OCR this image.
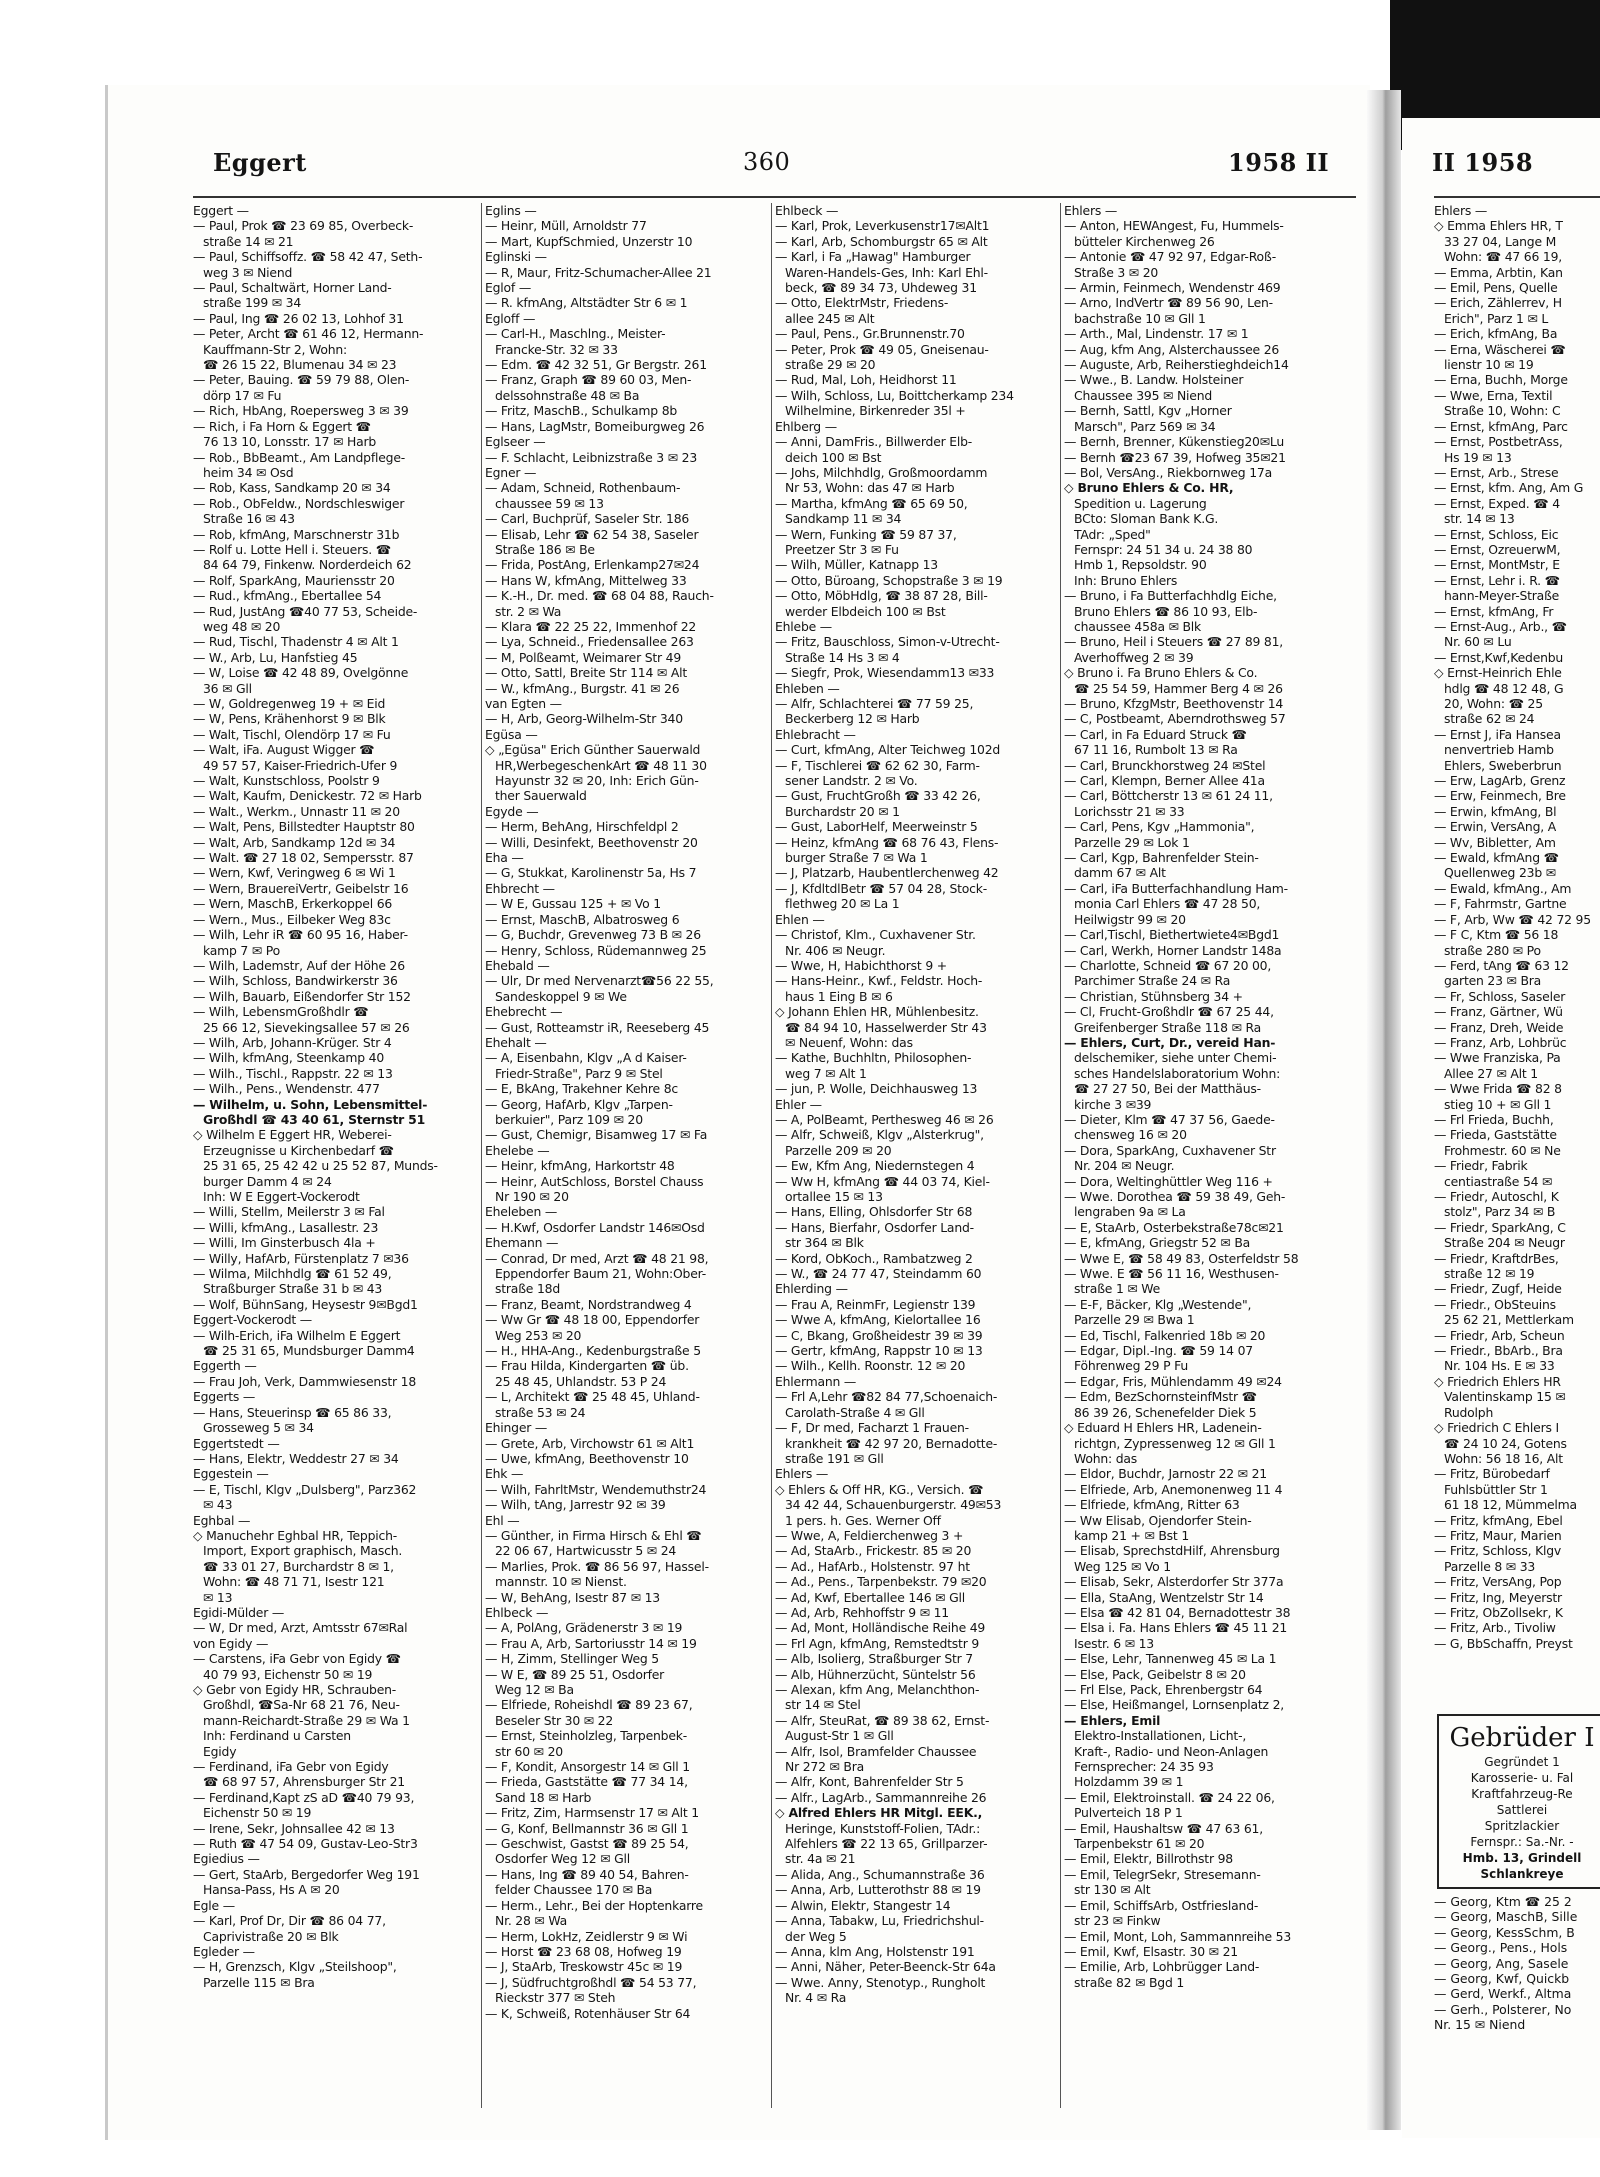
Eggert	360	1958 II	II 1958
Eggert —
— Paul, Prok ☎ 23 69 85, Overbeck-
straße 14 ✉ 21
— Paul, Schiffsoffz. ☎ 58 42 47, Seth-
weg 3 ✉ Niend
— Paul, Schaltwärt, Horner Land-
straße 199 ✉ 34
— Paul, Ing ☎ 26 02 13, Lohhof 31
— Peter, Archt ☎ 61 46 12, Hermann-
Kauffmann-Str 2, Wohn:
☎ 26 15 22, Blumenau 34 ✉ 23
— Peter, Bauing. ☎ 59 79 88, Olen-
dörp 17 ✉ Fu
— Rich, HbAng, Roepersweg 3 ✉ 39
— Rich, i Fa Horn & Eggert ☎
76 13 10, Lonsstr. 17 ✉ Harb
— Rob., BbBeamt., Am Landpflege-
heim 34 ✉ Osd
— Rob, Kass, Sandkamp 20 ✉ 34
— Rob., ObFeldw., Nordschleswiger
Straße 16 ✉ 43
— Rob, kfmAng, Marschnerstr 31b
— Rolf u. Lotte Hell i. Steuers. ☎
84 64 79, Finkenw. Norderdeich 62
— Rolf, SparkAng, Mauriensstr 20
— Rud., kfmAng., Ebertallee 54
— Rud, JustAng ☎40 77 53, Scheide-
weg 48 ✉ 20
— Rud, Tischl, Thadenstr 4 ✉ Alt 1
— W., Arb, Lu, Hanfstieg 45
— W, Loise ☎ 42 48 89, Ovelgönne
36 ✉ Gll
— W, Goldregenweg 19 + ✉ Eid
— W, Pens, Krähenhorst 9 ✉ Blk
— Walt, Tischl, Olendörp 17 ✉ Fu
— Walt, iFa. August Wigger ☎
49 57 57, Kaiser-Friedrich-Ufer 9
— Walt, Kunstschloss, Poolstr 9
— Walt, Kaufm, Denickestr. 72 ✉ Harb
— Walt., Werkm., Unnastr 11 ✉ 20
— Walt, Pens, Billstedter Hauptstr 80
— Walt, Arb, Sandkamp 12d ✉ 34
— Walt. ☎ 27 18 02, Sempersstr. 87
— Wern, Kwf, Veringweg 6 ✉ Wi 1
— Wern, BrauereiVertr, Geibelstr 16
— Wern, MaschB, Erkerkoppel 66
— Wern., Mus., Eilbeker Weg 83c
— Wilh, Lehr iR ☎ 60 95 16, Haber-
kamp 7 ✉ Po
— Wilh, Lademstr, Auf der Höhe 26
— Wilh, Schloss, Bandwirkerstr 36
— Wilh, Bauarb, Eißendorfer Str 152
— Wilh, LebensmGroßhdlr ☎
25 66 12, Sievekingsallee 57 ✉ 26
— Wilh, Arb, Johann-Krüger. Str 4
— Wilh, kfmAng, Steenkamp 40
— Wilh., Tischl., Rappstr. 22 ✉ 13
— Wilh., Pens., Wendenstr. 477
— Wilhelm, u. Sohn, Lebensmittel-
Großhdl ☎ 43 40 61, Sternstr 51
◇ Wilhelm E Eggert HR, Weberei-
Erzeugnisse u Kirchenbedarf ☎
25 31 65, 25 42 42 u 25 52 87, Munds-
burger Damm 4 ✉ 24
Inh: W E Eggert-Vockerodt
— Willi, Stellm, Meilerstr 3 ✉ Fal
— Willi, kfmAng., Lasallestr. 23
— Willi, Im Ginsterbusch 4la +
— Willy, HafArb, Fürstenplatz 7 ✉36
— Wilma, Milchhdlg ☎ 61 52 49,
Straßburger Straße 31 b ✉ 43
— Wolf, BühnSang, Heysestr 9✉Bgd1
Eggert-Vockerodt —
— Wilh-Erich, iFa Wilhelm E Eggert
☎ 25 31 65, Mundsburger Damm4
Eggerth —
— Frau Joh, Verk, Dammwiesenstr 18
Eggerts —
— Hans, Steuerinsp ☎ 65 86 33,
Grosseweg 5 ✉ 34
Eggertstedt —
— Hans, Elektr, Weddestr 27 ✉ 34
Eggestein —
— E, Tischl, Klgv „Dulsberg", Parz362
✉ 43
Eghbal —
◇ Manuchehr Eghbal HR, Teppich-
Import, Export graphisch, Masch.
☎ 33 01 27, Burchardstr 8 ✉ 1,
Wohn: ☎ 48 71 71, Isestr 121
✉ 13
Egidi-Mülder —
— W, Dr med, Arzt, Amtsstr 67✉Ral
von Egidy —
— Carstens, iFa Gebr von Egidy ☎
40 79 93, Eichenstr 50 ✉ 19
◇ Gebr von Egidy HR, Schrauben-
Großhdl, ☎Sa-Nr 68 21 76, Neu-
mann-Reichardt-Straße 29 ✉ Wa 1
Inh: Ferdinand u Carsten
Egidy
— Ferdinand, iFa Gebr von Egidy
☎ 68 97 57, Ahrensburger Str 21
— Ferdinand,Kapt zS aD ☎40 79 93,
Eichenstr 50 ✉ 19
— Irene, Sekr, Johnsallee 42 ✉ 13
— Ruth ☎ 47 54 09, Gustav-Leo-Str3
Egiedius —
— Gert, StaArb, Bergedorfer Weg 191
Hansa-Pass, Hs A ✉ 20
Egle —
— Karl, Prof Dr, Dir ☎ 86 04 77,
Caprivistraße 20 ✉ Blk
Egleder —
— H, Grenzsch, Klgv „Steilshoop",
Parzelle 115 ✉ Bra
Eglins —
— Heinr, Müll, Arnoldstr 77
— Mart, KupfSchmied, Unzerstr 10
Eglinski —
— R, Maur, Fritz-Schumacher-Allee 21
Eglof —
— R. kfmAng, Altstädter Str 6 ✉ 1
Egloff —
— Carl-H., Maschlng., Meister-
Francke-Str. 32 ✉ 33
— Edm. ☎ 42 32 51, Gr Bergstr. 261
— Franz, Graph ☎ 89 60 03, Men-
delssohnstraße 48 ✉ Ba
— Fritz, MaschB., Schulkamp 8b
— Hans, LagMstr, Bomeiburgweg 26
Eglseer —
— F. Schlacht, Leibnizstraße 3 ✉ 23
Egner —
— Adam, Schneid, Rothenbaum-
chaussee 59 ✉ 13
— Carl, Buchprüf, Saseler Str. 186
— Elisab, Lehr ☎ 62 54 38, Saseler
Straße 186 ✉ Be
— Frida, PostAng, Erlenkamp27✉24
— Hans W, kfmAng, Mittelweg 33
— K.-H., Dr. med. ☎ 68 04 88, Rauch-
str. 2 ✉ Wa
— Klara ☎ 22 25 22, Immenhof 22
— Lya, Schneid., Friedensallee 263
— M, Polßeamt, Weimarer Str 49
— Otto, Sattl, Breite Str 114 ✉ Alt
— W., kfmAng., Burgstr. 41 ✉ 26
van Egten —
— H, Arb, Georg-Wilhelm-Str 340
Egüsa —
◇ „Egüsa" Erich Günther Sauerwald
HR,WerbegeschenkArt ☎ 48 11 30
Hayunstr 32 ✉ 20, Inh: Erich Gün-
ther Sauerwald
Egyde —
— Herm, BehAng, Hirschfeldpl 2
— Willi, Desinfekt, Beethovenstr 20
Eha —
— G, Stukkat, Karolinenstr 5a, Hs 7
Ehbrecht —
— W E, Gussau 125 + ✉ Vo 1
— Ernst, MaschB, Albatrosweg 6
— G, Buchdr, Grevenweg 73 B ✉ 26
— Henry, Schloss, Rüdemannweg 25
Ehebald —
— Ulr, Dr med Nervenarzt☎56 22 55,
Sandeskoppel 9 ✉ We
Ehebrecht —
— Gust, Rotteamstr iR, Reeseberg 45
Ehehalt —
— A, Eisenbahn, Klgv „A d Kaiser-
Friedr-Straße", Parz 9 ✉ Stel
— E, BkAng, Trakehner Kehre 8c
— Georg, HafArb, Klgv „Tarpen-
berkuier", Parz 109 ✉ 20
— Gust, Chemigr, Bisamweg 17 ✉ Fa
Ehelebe —
— Heinr, kfmAng, Harkortstr 48
— Heinr, AutSchloss, Borstel Chauss
Nr 190 ✉ 20
Eheleben —
— H.Kwf, Osdorfer Landstr 146✉Osd
Ehemann —
— Conrad, Dr med, Arzt ☎ 48 21 98,
Eppendorfer Baum 21, Wohn:Ober-
straße 18d
— Franz, Beamt, Nordstrandweg 4
— Ww Gr ☎ 48 18 00, Eppendorfer
Weg 253 ✉ 20
— H., HHA-Ang., Kedenburgstraße 5
— Frau Hilda, Kindergarten ☎ üb.
25 48 45, Uhlandstr. 53 P 24
— L, Architekt ☎ 25 48 45, Uhland-
straße 53 ✉ 24
Ehinger —
— Grete, Arb, Virchowstr 61 ✉ Alt1
— Uwe, kfmAng, Beethovenstr 10
Ehk —
— Wilh, FahrltMstr, Wendemuthstr24
— Wilh, tAng, Jarrestr 92 ✉ 39
Ehl —
— Günther, in Firma Hirsch & Ehl ☎
22 06 67, Hartwicusstr 5 ✉ 24
— Marlies, Prok. ☎ 86 56 97, Hassel-
mannstr. 10 ✉ Nienst.
— W, BehAng, Isestr 87 ✉ 13
Ehlbeck —
— A, PolAng, Grädenerstr 3 ✉ 19
— Frau A, Arb, Sartoriusstr 14 ✉ 19
— H, Zimm, Stellinger Weg 5
— W E, ☎ 89 25 51, Osdorfer
Weg 12 ✉ Ba
— Elfriede, Roheishdl ☎ 89 23 67,
Beseler Str 30 ✉ 22
— Ernst, Steinholzleg, Tarpenbek-
str 60 ✉ 20
— F, Kondit, Ansorgestr 14 ✉ Gll 1
— Frieda, Gaststätte ☎ 77 34 14,
Sand 18 ✉ Harb
— Fritz, Zim, Harmsenstr 17 ✉ Alt 1
— G, Konf, Bellmannstr 36 ✉ Gll 1
— Geschwist, Gastst ☎ 89 25 54,
Osdorfer Weg 12 ✉ Gll
— Hans, Ing ☎ 89 40 54, Bahren-
felder Chaussee 170 ✉ Ba
— Herm., Lehr., Bei der Hoptenkarre
Nr. 28 ✉ Wa
— Herm, LokHz, Zeidlerstr 9 ✉ Wi
— Horst ☎ 23 68 08, Hofweg 19
— J, StaArb, Treskowstr 45c ✉ 19
— J, Südfruchtgroßhdl ☎ 54 53 77,
Rieckstr 377 ✉ Steh
— K, Schweiß, Rotenhäuser Str 64
Ehlbeck —
— Karl, Prok, Leverkusenstr17✉Alt1
— Karl, Arb, Schomburgstr 65 ✉ Alt
— Karl, i Fa „Hawag" Hamburger
Waren-Handels-Ges, Inh: Karl Ehl-
beck, ☎ 89 34 73, Uhdeweg 31
— Otto, ElektrMstr, Friedens-
allee 245 ✉ Alt
— Paul, Pens., Gr.Brunnenstr.70
— Peter, Prok ☎ 49 05, Gneisenau-
straße 29 ✉ 20
— Rud, Mal, Loh, Heidhorst 11
— Wilh, Schloss, Lu, Boittcherkamp 234
Wilhelmine, Birkenreder 35l +
Ehlberg —
— Anni, DamFris., Billwerder Elb-
deich 100 ✉ Bst
— Johs, Milchhdlg, Großmoordamm
Nr 53, Wohn: das 47 ✉ Harb
— Martha, kfmAng ☎ 65 69 50,
Sandkamp 11 ✉ 34
— Wern, Funking ☎ 59 87 37,
Preetzer Str 3 ✉ Fu
— Wilh, Müller, Katnapp 13
— Otto, Büroang, Schopstraße 3 ✉ 19
— Otto, MöbHdlg, ☎ 38 87 28, Bill-
werder Elbdeich 100 ✉ Bst
Ehlebe —
— Fritz, Bauschloss, Simon-v-Utrecht-
Straße 14 Hs 3 ✉ 4
— Siegfr, Prok, Wiesendamm13 ✉33
Ehleben —
— Alfr, Schlachterei ☎ 77 59 25,
Beckerberg 12 ✉ Harb
Ehlebracht —
— Curt, kfmAng, Alter Teichweg 102d
— F, Tischlerei ☎ 62 62 30, Farm-
sener Landstr. 2 ✉ Vo.
— Gust, FruchtGroßh ☎ 33 42 26,
Burchardstr 20 ✉ 1
— Gust, LaborHelf, Meerweinstr 5
— Heinz, kfmAng ☎ 68 76 43, Flens-
burger Straße 7 ✉ Wa 1
— J, Platzarb, Haubentlerchenweg 42
— J, KfdltdlBetr ☎ 57 04 28, Stock-
flethweg 20 ✉ La 1
Ehlen —
— Christof, Klm., Cuxhavener Str.
Nr. 406 ✉ Neugr.
— Wwe, H, Habichthorst 9 +
— Hans-Heinr., Kwf., Feldstr. Hoch-
haus 1 Eing B ✉ 6
◇ Johann Ehlen HR, Mühlenbesitz.
☎ 84 94 10, Hasselwerder Str 43
✉ Neuenf, Wohn: das
— Kathe, Buchhltn, Philosophen-
weg 7 ✉ Alt 1
— jun, P. Wolle, Deichhausweg 13
Ehler —
— A, PolBeamt, Perthesweg 46 ✉ 26
— Alfr, Schweiß, Klgv „Alsterkrug",
Parzelle 209 ✉ 20
— Ew, Kfm Ang, Niedernstegen 4
— Ww H, kfmAng ☎ 44 03 74, Kiel-
ortallee 15 ✉ 13
— Hans, Elling, Ohlsdorfer Str 68
— Hans, Bierfahr, Osdorfer Land-
str 364 ✉ Blk
— Kord, ObKoch., Rambatzweg 2
— W., ☎ 24 77 47, Steindamm 60
Ehlerding —
— Frau A, ReinmFr, Legienstr 139
— Wwe A, kfmAng, Kielortallee 16
— C, Bkang, Großheidestr 39 ✉ 39
— Gertr, kfmAng, Rappstr 10 ✉ 13
— Wilh., Kellh. Roonstr. 12 ✉ 20
Ehlermann —
— Frl A,Lehr ☎82 84 77,Schoenaich-
Carolath-Straße 4 ✉ Gll
— F, Dr med, Facharzt 1 Frauen-
krankheit ☎ 42 97 20, Bernadotte-
straße 191 ✉ Gll
Ehlers —
◇ Ehlers & Off HR, KG., Versich. ☎
34 42 44, Schauenburgerstr. 49✉53
1 pers. h. Ges. Werner Off
— Wwe, A, Feldierchenweg 3 +
— Ad, StaArb., Frickestr. 85 ✉ 20
— Ad., HafArb., Holstenstr. 97 ht
— Ad., Pens., Tarpenbekstr. 79 ✉20
— Ad, Kwf, Ebertallee 146 ✉ Gll
— Ad, Arb, Rehhoffstr 9 ✉ 11
— Ad, Mont, Holländische Reihe 49
— Frl Agn, kfmAng, Remstedtstr 9
— Alb, Isolierg, Straßburger Str 7
— Alb, Hühnerzücht, Süntelstr 56
— Alexan, kfm Ang, Melanchthon-
str 14 ✉ Stel
— Alfr, SteuRat, ☎ 89 38 62, Ernst-
August-Str 1 ✉ Gll
— Alfr, Isol, Bramfelder Chaussee
Nr 272 ✉ Bra
— Alfr, Kont, Bahrenfelder Str 5
— Alfr., LagArb., Sammannreihe 26
◇ Alfred Ehlers HR Mitgl. EEK.,
Heringe, Kunststoff-Folien, TAdr.:
Alfehlers ☎ 22 13 65, Grillparzer-
str. 4a ✉ 21
— Alida, Ang., Schumannstraße 36
— Anna, Arb, Lutterothstr 88 ✉ 19
— Alwin, Elektr, Stangestr 14
— Anna, Tabakw, Lu, Friedrichshul-
der Weg 5
— Anna, klm Ang, Holstenstr 191
— Anni, Näher, Peter-Beenck-Str 64a
— Wwe. Anny, Stenotyp., Rungholt
Nr. 4 ✉ Ra
Ehlers —
— Anton, HEWAngest, Fu, Hummels-
bütteler Kirchenweg 26
— Antonie ☎ 47 92 97, Edgar-Roß-
Straße 3 ✉ 20
— Armin, Feinmech, Wendenstr 469
— Arno, IndVertr ☎ 89 56 90, Len-
bachstraße 10 ✉ Gll 1
— Arth., Mal, Lindenstr. 17 ✉ 1
— Aug, kfm Ang, Alsterchaussee 26
— Auguste, Arb, Reiherstieghdeich14
— Wwe., B. Landw. Holsteiner
Chaussee 395 ✉ Niend
— Bernh, Sattl, Kgv „Horner
Marsch", Parz 569 ✉ 34
— Bernh, Brenner, Kükenstieg20✉Lu
— Bernh ☎23 67 39, Hofweg 35✉21
— Bol, VersAng., Riekbornweg 17a
◇ Bruno Ehlers & Co. HR,
Spedition u. Lagerung
BCto: Sloman Bank K.G.
TAdr: „Sped"
Fernspr: 24 51 34 u. 24 38 80
Hmb 1, Repsoldstr. 90
Inh: Bruno Ehlers
— Bruno, i Fa Butterfachhdlg Eiche,
Bruno Ehlers ☎ 86 10 93, Elb-
chaussee 458a ✉ Blk
— Bruno, Heil i Steuers ☎ 27 89 81,
Averhoffweg 2 ✉ 39
◇ Bruno i. Fa Bruno Ehlers & Co.
☎ 25 54 59, Hammer Berg 4 ✉ 26
— Bruno, KfzgMstr, Beethovenstr 14
— C, Postbeamt, Aberndrothsweg 57
— Carl, in Fa Eduard Struck ☎
67 11 16, Rumbolt 13 ✉ Ra
— Carl, Brunckhorstweg 24 ✉Stel
— Carl, Klempn, Berner Allee 41a
— Carl, Böttcherstr 13 ✉ 61 24 11,
Lorichsstr 21 ✉ 33
— Carl, Pens, Kgv „Hammonia",
Parzelle 29 ✉ Lok 1
— Carl, Kgp, Bahrenfelder Stein-
damm 67 ✉ Alt
— Carl, iFa Butterfachhandlung Ham-
monia Carl Ehlers ☎ 47 28 50,
Heilwigstr 99 ✉ 20
— Carl,Tischl, Biethertwiete4✉Bgd1
— Carl, Werkh, Horner Landstr 148a
— Charlotte, Schneid ☎ 67 20 00,
Parchimer Straße 24 ✉ Ra
— Christian, Stühnsberg 34 +
— Cl, Frucht-Großhdlr ☎ 67 25 44,
Greifenberger Straße 118 ✉ Ra
— Ehlers, Curt, Dr., vereid Han-
delschemiker, siehe unter Chemi-
sches Handelslaboratorium Wohn:
☎ 27 27 50, Bei der Matthäus-
kirche 3 ✉39
— Dieter, Klm ☎ 47 37 56, Gaede-
chensweg 16 ✉ 20
— Dora, SparkAng, Cuxhavener Str
Nr. 204 ✉ Neugr.
— Dora, Weltinghüttler Weg 116 +
— Wwe. Dorothea ☎ 59 38 49, Geh-
lengraben 9a ✉ La
— E, StaArb, Osterbekstraße78c✉21
— E, kfmAng, Griegstr 52 ✉ Ba
— Wwe E, ☎ 58 49 83, Osterfeldstr 58
— Wwe. E ☎ 56 11 16, Westhusen-
straße 1 ✉ We
— E-F, Bäcker, Klg „Westende",
Parzelle 29 ✉ Bwa 1
— Ed, Tischl, Falkenried 18b ✉ 20
— Edgar, Dipl.-Ing. ☎ 59 14 07
Föhrenweg 29 P Fu
— Edgar, Fris, Mühlendamm 49 ✉24
— Edm, BezSchornsteinfMstr ☎
86 39 26, Schenefelder Diek 5
◇ Eduard H Ehlers HR, Ladenein-
richtgn, Zypressenweg 12 ✉ Gll 1
Wohn: das
— Eldor, Buchdr, Jarnostr 22 ✉ 21
— Elfriede, Arb, Anemonenweg 11 4
— Elfriede, kfmAng, Ritter 63
— Ww Elisab, Ojendorfer Stein-
kamp 21 + ✉ Bst 1
— Elisab, SprechstdHilf, Ahrensburg
Weg 125 ✉ Vo 1
— Elisab, Sekr, Alsterdorfer Str 377a
— Ella, StaAng, Wentzelstr Str 14
— Elsa ☎ 42 81 04, Bernadottestr 38
— Elsa i. Fa. Hans Ehlers ☎ 45 11 21
Isestr. 6 ✉ 13
— Else, Lehr, Tannenweg 45 ✉ La 1
— Else, Pack, Geibelstr 8 ✉ 20
— Frl Else, Pack, Ehrenbergstr 64
— Else, Heißmangel, Lornsenplatz 2,
— Ehlers, Emil
Elektro-Installationen, Licht-,
Kraft-, Radio- und Neon-Anlagen
Fernsprecher: 24 35 93
Holzdamm 39 ✉ 1
— Emil, Elektroinstall. ☎ 24 22 06,
Pulverteich 18 P 1
— Emil, Haushaltsw ☎ 47 63 61,
Tarpenbekstr 61 ✉ 20
— Emil, Elektr, Billrothstr 98
— Emil, TelegrSekr, Stresemann-
str 130 ✉ Alt
— Emil, SchiffsArb, Ostfriesland-
str 23 ✉ Finkw
— Emil, Mont, Loh, Sammannreihe 53
— Emil, Kwf, Elsastr. 30 ✉ 21
— Emilie, Arb, Lohbrügger Land-
straße 82 ✉ Bgd 1
Ehlers —
◇ Emma Ehlers HR, T
33 27 04, Lange M
Wohn: ☎ 47 66 19,
— Emma, Arbtin, Kan
— Emil, Pens, Quelle
— Erich, Zählerrev, H
Erich", Parz 1 ✉ L
— Erich, kfmAng, Ba
— Erna, Wäscherei ☎
lienstr 10 ✉ 19
— Erna, Buchh, Morge
— Wwe, Erna, Textil
Straße 10, Wohn: C
— Ernst, kfmAng, Parc
— Ernst, PostbetrAss,
Hs 19 ✉ 13
— Ernst, Arb., Strese
— Ernst, kfm. Ang, Am G
— Ernst, Exped. ☎ 4
str. 14 ✉ 13
— Ernst, Schloss, Eic
— Ernst, OzreuerwM,
— Ernst, MontMstr, E
— Ernst, Lehr i. R. ☎
hann-Meyer-Straße
— Ernst, kfmAng, Fr
— Ernst-Aug., Arb., ☎
Nr. 60 ✉ Lu
— Ernst,Kwf,Kedenbu
◇ Ernst-Heinrich Ehle
hdlg ☎ 48 12 48, G
20, Wohn: ☎ 25
straße 62 ✉ 24
— Ernst J, iFa Hansea
nenvertrieb Hamb
Ehlers, Sweberbrun
— Erw, LagArb, Grenz
— Erw, Feinmech, Bre
— Erwin, kfmAng, Bl
— Erwin, VersAng, A
— Wv, Bibletter, Am
— Ewald, kfmAng ☎
Quellenweg 23b ✉
— Ewald, kfmAng., Am
— F, Fahrmstr, Gartne
— F, Arb, Ww ☎ 42 72 95
— F C, Ktm ☎ 56 18
straße 280 ✉ Po
— Ferd, tAng ☎ 63 12
garten 23 ✉ Bra
— Fr, Schloss, Saseler
— Franz, Gärtner, Wü
— Franz, Dreh, Weide
— Franz, Arb, Lohbrüc
— Wwe Franziska, Pa
Allee 27 ✉ Alt 1
— Wwe Frida ☎ 82 8
stieg 10 + ✉ Gll 1
— Frl Frieda, Buchh,
— Frieda, Gaststätte
Frohmestr. 60 ✉ Ne
— Friedr, Fabrik
centiastraße 54 ✉
— Friedr, Autoschl, K
stolz", Parz 34 ✉ B
— Friedr, SparkAng, C
Straße 204 ✉ Neugr
— Friedr, KraftdrBes,
straße 12 ✉ 19
— Friedr, Zugf, Heide
— Friedr., ObSteuins
25 62 21, Mettlerkam
— Friedr, Arb, Scheun
— Friedr., BbArb., Bra
Nr. 104 Hs. E ✉ 33
◇ Friedrich Ehlers HR
Valentinskamp 15 ✉
Rudolph
◇ Friedrich C Ehlers I
☎ 24 10 24, Gotens
Wohn: 56 18 16, Alt
— Fritz, Bürobedarf
Fuhlsbüttler Str 1
61 18 12, Mümmelma
— Fritz, kfmAng, Ebel
— Fritz, Maur, Marien
— Fritz, Schloss, Klgv
Parzelle 8 ✉ 33
— Fritz, VersAng, Pop
— Fritz, Ing, Meyerstr
— Fritz, ObZollsekr, K
— Fritz, Arb., Tivoliw
— G, BbSchaffn, Preyst
Gebrüder I
Gegründet 1
Karosserie- u. Fal
Kraftfahrzeug-Re
Sattlerei
Spritzlackier
Fernspr.: Sa.-Nr. -
Hmb. 13, Grindell
Schlankreye
— Georg, Ktm ☎ 25 2
— Georg, MaschB, Sille
— Georg, KessSchm, B
— Georg., Pens., Hols
— Georg, Ang, Sasele
— Georg, Kwf, Quickb
— Gerd, Werkf., Altma
— Gerh., Polsterer, No
Nr. 15 ✉ Niend
